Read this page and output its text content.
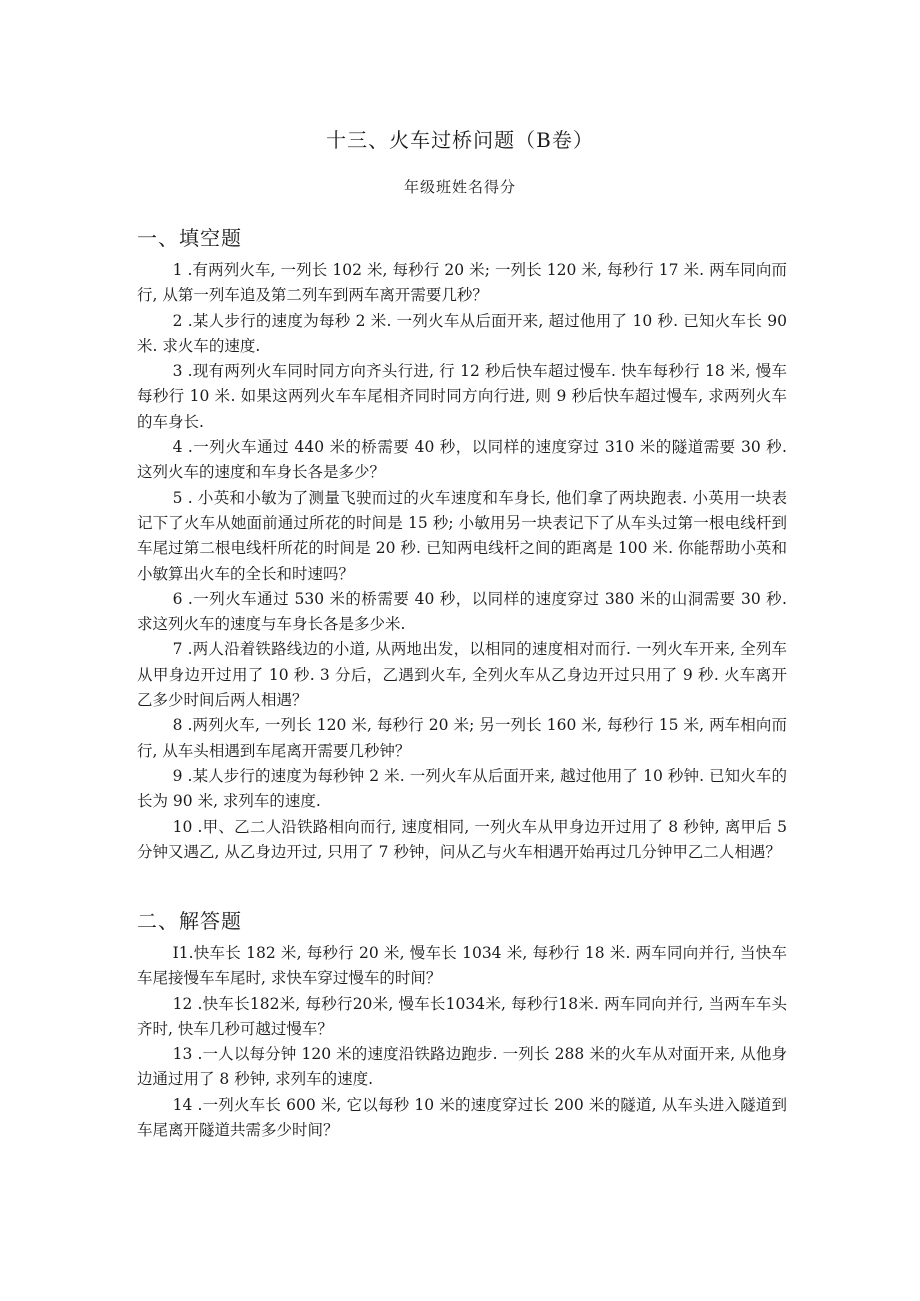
十三、火车过桥问题（B卷）
年级班姓名得分
一、填空题

1 .有两列火车, 一列长 102 米, 每秒行 20 米; 一列长 120 米, 每秒行 17 米. 两车同向而行, 从第一列车追及第二列车到两车离开需要几秒？

2 .某人步行的速度为每秒 2 米. 一列火车从后面开来, 超过他用了 10 秒. 已知火车长 90 米. 求火车的速度.

3 .现有两列火车同时同方向齐头行进, 行 12 秒后快车超过慢车. 快车每秒行 18 米, 慢车每秒行 10 米. 如果这两列火车车尾相齐同时同方向行进, 则 9 秒后快车超过慢车, 求两列火车的车身长.

4 .一列火车通过 440 米的桥需要 40 秒，以同样的速度穿过 310 米的隧道需要 30 秒. 这列火车的速度和车身长各是多少？

5 . 小英和小敏为了测量飞驶而过的火车速度和车身长, 他们拿了两块跑表. 小英用一块表记下了火车从她面前通过所花的时间是 15 秒; 小敏用另一块表记下了从车头过第一根电线杆到车尾过第二根电线杆所花的时间是 20 秒. 已知两电线杆之间的距离是 100 米. 你能帮助小英和小敏算出火车的全长和时速吗？

6 .一列火车通过 530 米的桥需要 40 秒，以同样的速度穿过 380 米的山洞需要 30 秒. 求这列火车的速度与车身长各是多少米.

7 .两人沿着铁路线边的小道, 从两地出发，以相同的速度相对而行. 一列火车开来, 全列车从甲身边开过用了 10 秒. 3 分后，乙遇到火车, 全列火车从乙身边开过只用了 9 秒. 火车离开乙多少时间后两人相遇？

8 .两列火车, 一列长 120 米, 每秒行 20 米; 另一列长 160 米, 每秒行 15 米, 两车相向而行, 从车头相遇到车尾离开需要几秒钟？

9 .某人步行的速度为每秒钟 2 米. 一列火车从后面开来, 越过他用了 10 秒钟. 已知火车的长为 90 米, 求列车的速度.

10 .甲、乙二人沿铁路相向而行, 速度相同, 一列火车从甲身边开过用了 8 秒钟, 离甲后 5 分钟又遇乙, 从乙身边开过, 只用了 7 秒钟，问从乙与火车相遇开始再过几分钟甲乙二人相遇？

二、解答题

I1.快车长 182 米, 每秒行 20 米, 慢车长 1034 米, 每秒行 18 米. 两车同向并行, 当快车车尾接慢车车尾时, 求快车穿过慢车的时间？

12 .快车长182米, 每秒行20米, 慢车长1034米, 每秒行18米. 两车同向并行, 当两车车头齐时, 快车几秒可越过慢车？

13 .一人以每分钟 120 米的速度沿铁路边跑步. 一列长 288 米的火车从对面开来, 从他身边通过用了 8 秒钟, 求列车的速度.

14 .一列火车长 600 米, 它以每秒 10 米的速度穿过长 200 米的隧道, 从车头进入隧道到车尾离开隧道共需多少时间？
